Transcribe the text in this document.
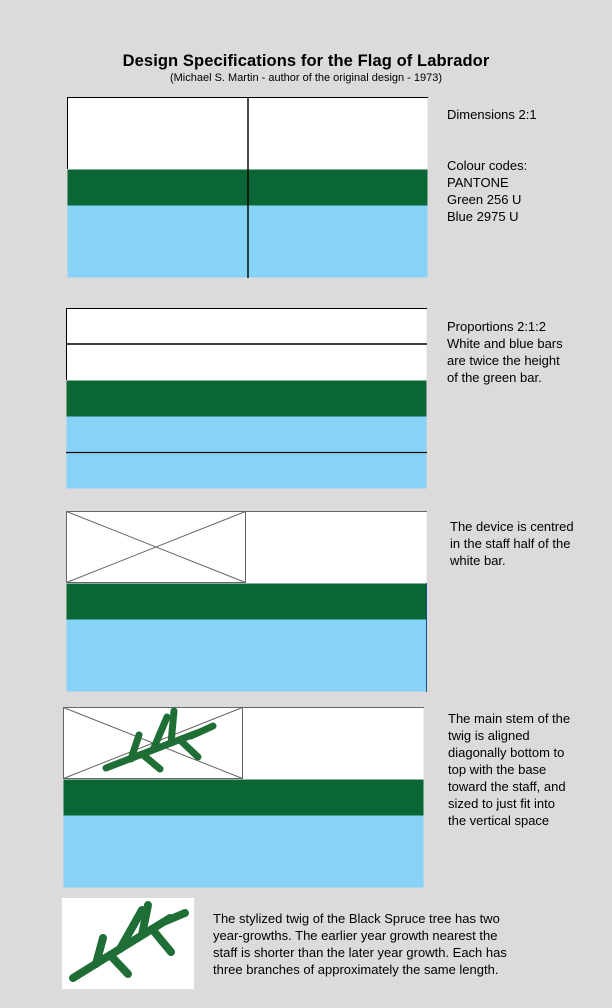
Design Specifications for the Flag of Labrador
(Michael S. Martin - author of the original design - 1973)
Dimensions 2:1

Colour codes:
PANTONE
Green 256 U
Blue 2975 U
Proportions 2:1:2
White and blue bars
are twice the height
of the green bar.
The device is centred
in the staff half of the
white bar.
The main stem of the
twig is aligned
diagonally bottom to
top with the base
toward the staff, and
sized to just fit into
the vertical space
The stylized twig of the Black Spruce tree has two
year-growths. The earlier year growth nearest the
staff is shorter than the later year growth. Each has
three branches of approximately the same length.
